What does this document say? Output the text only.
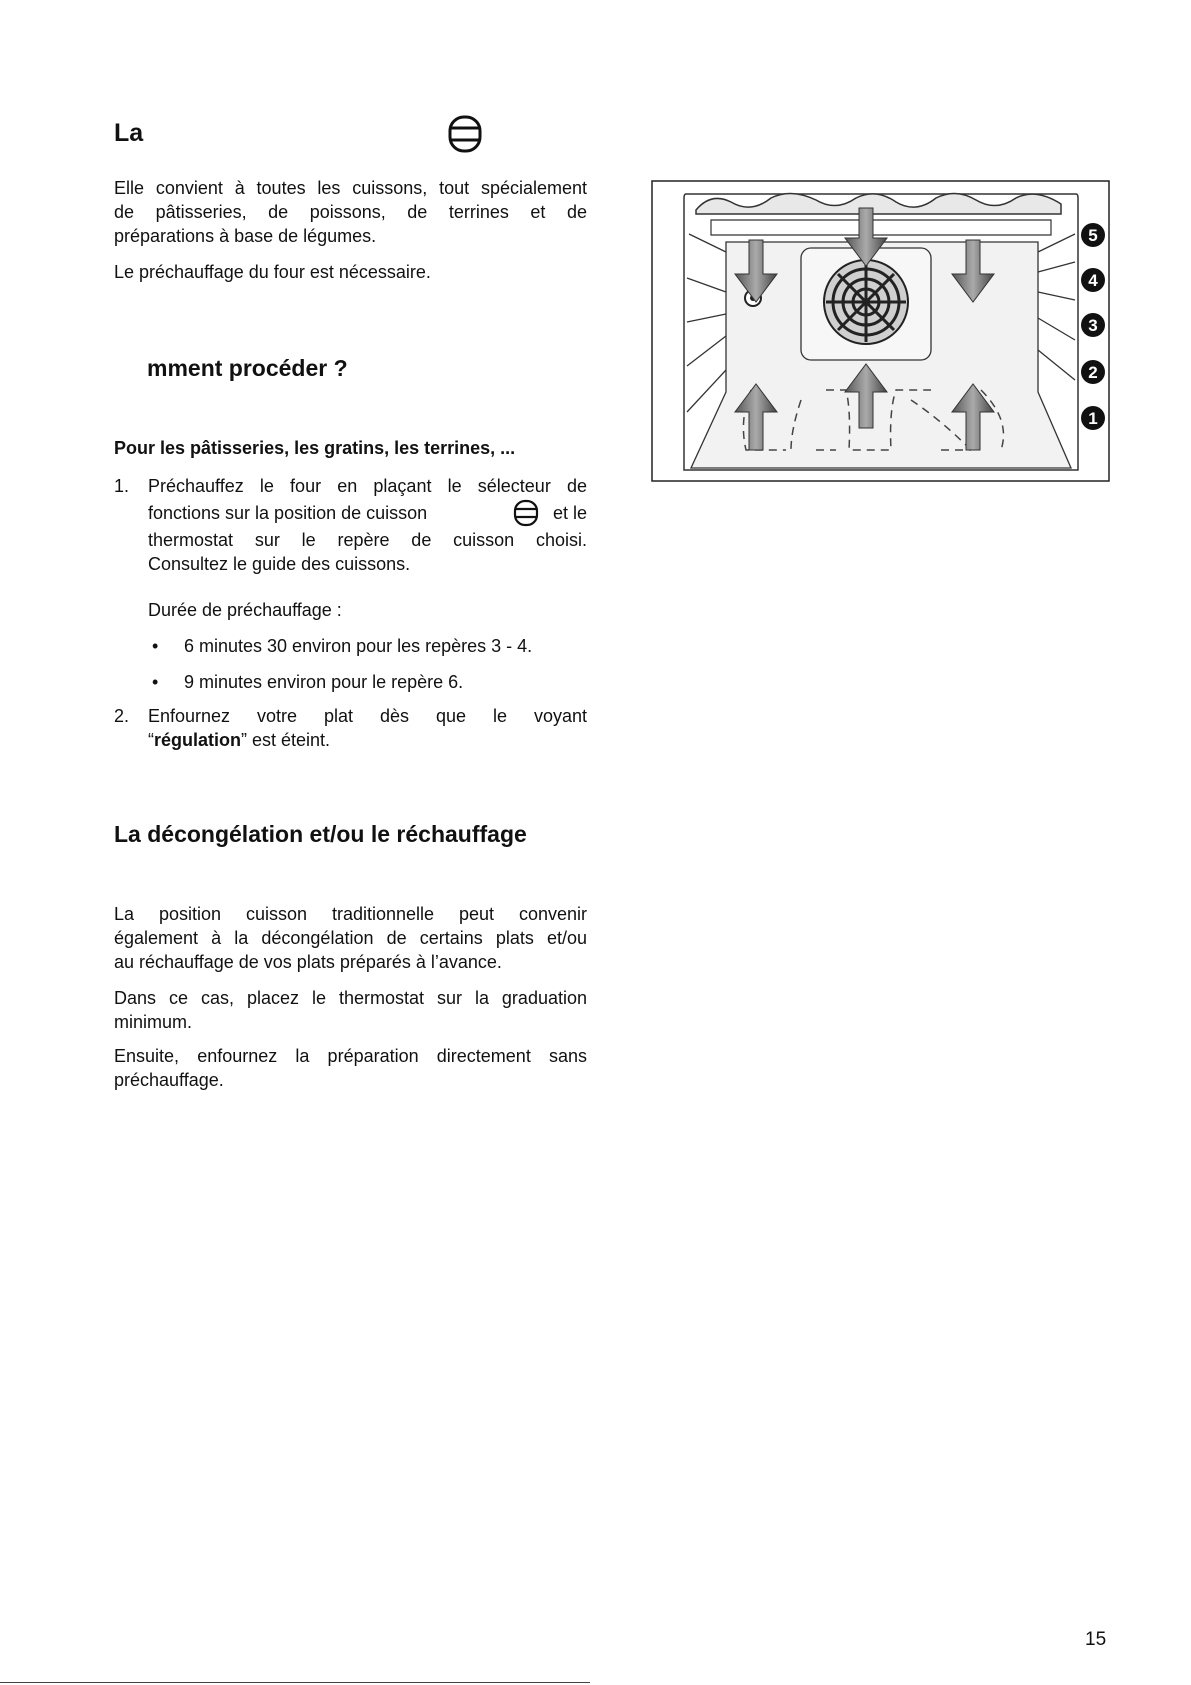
La

Elle convient à toutes les cuissons, tout spécialement

de pâtisseries, de poissons, de terrines et de

préparations à base de légumes.

Le préchauffage du four est nécessaire.

mment procéder ?
Pour les pâtisseries, les gratins, les terrines, ...
1. Préchauffez le four en plaçant le sélecteur de

fonctions sur la position de cuisson	et le

thermostat sur le repère de cuisson choisi.

Consultez le guide des cuissons.

Durée de préchauffage :

• 6 minutes 30 environ pour les repères 3 - 4.

• 9 minutes environ pour le repère 6.

2. Enfournez votre plat dès que le voyant

“régulation” est éteint.

La décongélation et/ou le réchauffage

La position cuisson traditionnelle peut convenir

également à la décongélation de certains plats et/ou

au réchauffage de vos plats préparés à l’avance.

Dans ce cas, placez le thermostat sur la graduation

minimum.

Ensuite, enfournez la préparation directement sans

préchauffage.

5
4
3
2
1
15
